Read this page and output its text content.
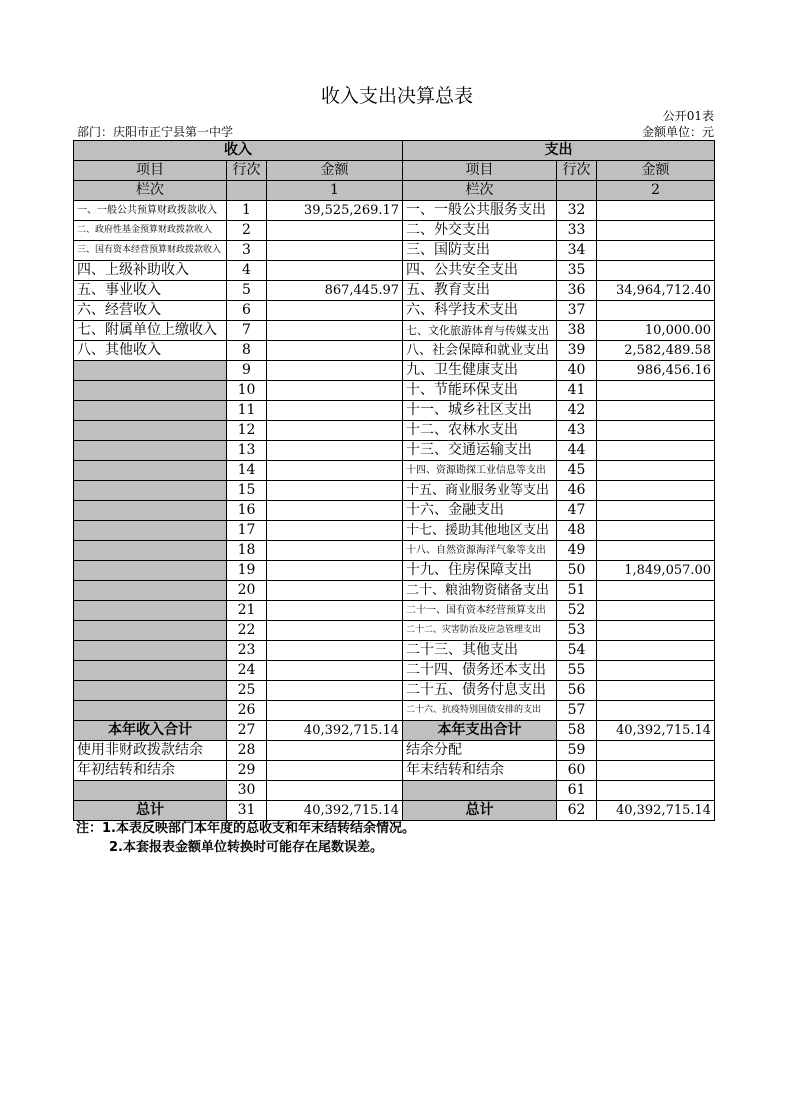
收入支出决算总表
公开01表
部门：庆阳市正宁县第一中学	金额单位：元
收入			支出		
项目	行次	金额	项目	行次	金额
栏次		1	栏次		2
一、一般公共预算财政拨款收入	1	39,525,269.17	一、一般公共服务支出	32	
二、政府性基金预算财政拨款收入	2		二、外交支出	33	
三、国有资本经营预算财政拨款收入	3		三、国防支出	34	
四、上级补助收入	4		四、公共安全支出	35	
五、事业收入	5	867,445.97	五、教育支出	36	34,964,712.40
六、经营收入	6		六、科学技术支出	37	
七、附属单位上缴收入	7		七、文化旅游体育与传媒支出	38	10,000.00
八、其他收入	8		八、社会保障和就业支出	39	2,582,489.58
	9		九、卫生健康支出	40	986,456.16
	10		十、节能环保支出	41	
	11		十一、城乡社区支出	42	
	12		十二、农林水支出	43	
	13		十三、交通运输支出	44	
	14		十四、资源勘探工业信息等支出	45	
	15		十五、商业服务业等支出	46	
	16		十六、金融支出	47	
	17		十七、援助其他地区支出	48	
	18		十八、自然资源海洋气象等支出	49	
	19		十九、住房保障支出	50	1,849,057.00
	20		二十、粮油物资储备支出	51	
	21		二十一、国有资本经营预算支出	52	
	22		二十二、灾害防治及应急管理支出	53	
	23		二十三、其他支出	54	
	24		二十四、债务还本支出	55	
	25		二十五、债务付息支出	56	
	26		二十六、抗疫特别国债安排的支出	57	
本年收入合计	27	40,392,715.14	本年支出合计	58	40,392,715.14
使用非财政拨款结余	28		结余分配	59	
年初结转和结余	29		年末结转和结余	60	
	30			61	
总计	31	40,392,715.14	总计	62	40,392,715.14
注：1.本表反映部门本年度的总收支和年末结转结余情况。
2.本套报表金额单位转换时可能存在尾数误差。
